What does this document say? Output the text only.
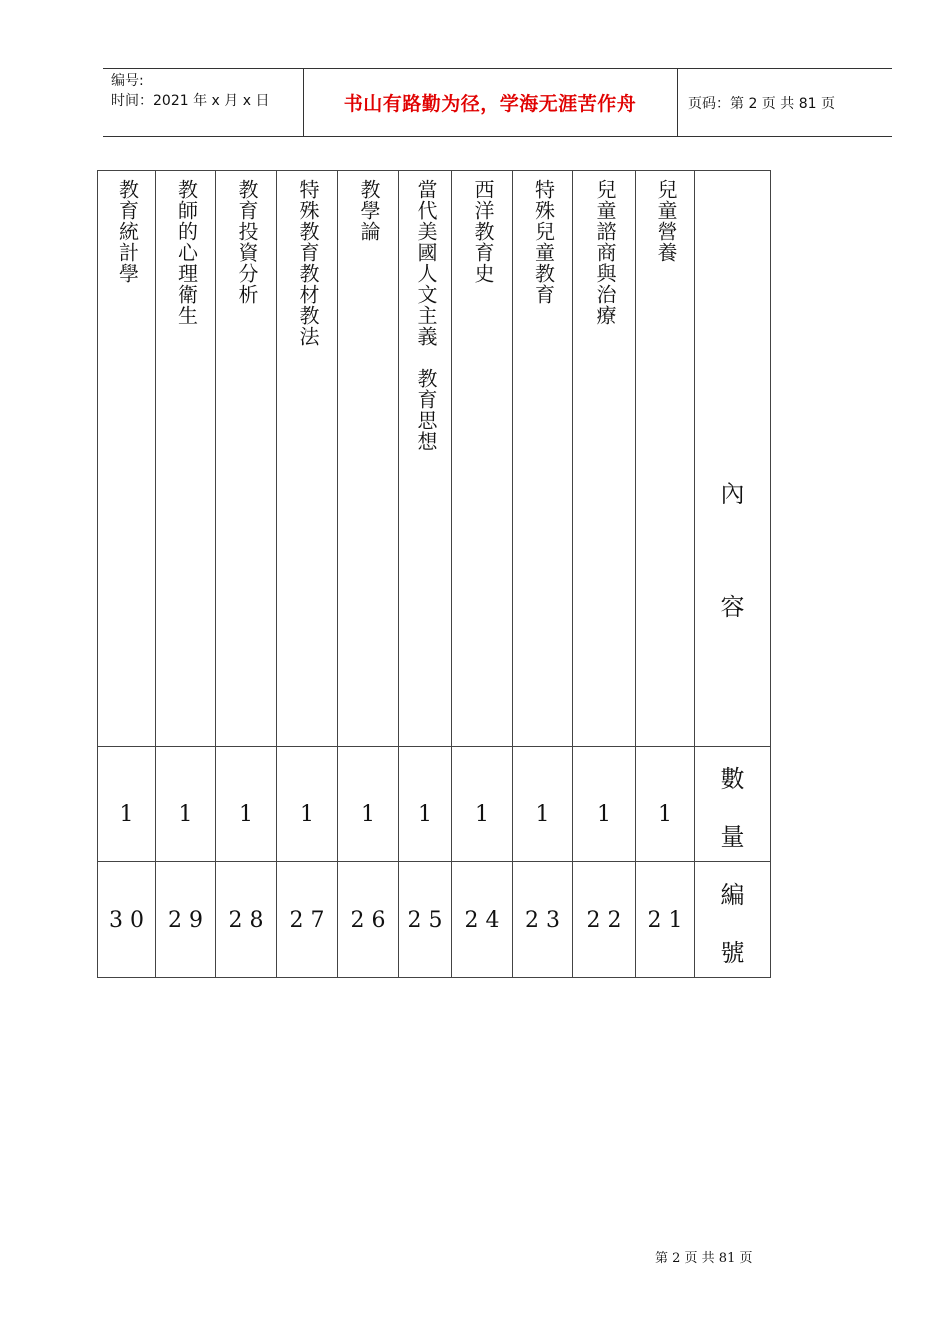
编号:
时间：2021 年 x 月 x 日	书山有路勤为径，学海无涯苦作舟	页码：第 2 页 共 81 页
教育統計學
1
30
教師的心理衛生
1
29
教育投資分析
1
28
特殊教育教材教法
1
27
教學論
1
26
當代美國人文主義　教育思想
1
25
西洋教育史
1
24
特殊兒童教育
1
23
兒童諮商與治療
1
22
兒童營養
1
21
內
容
數
量
編
號
第 2 页 共 81 页
